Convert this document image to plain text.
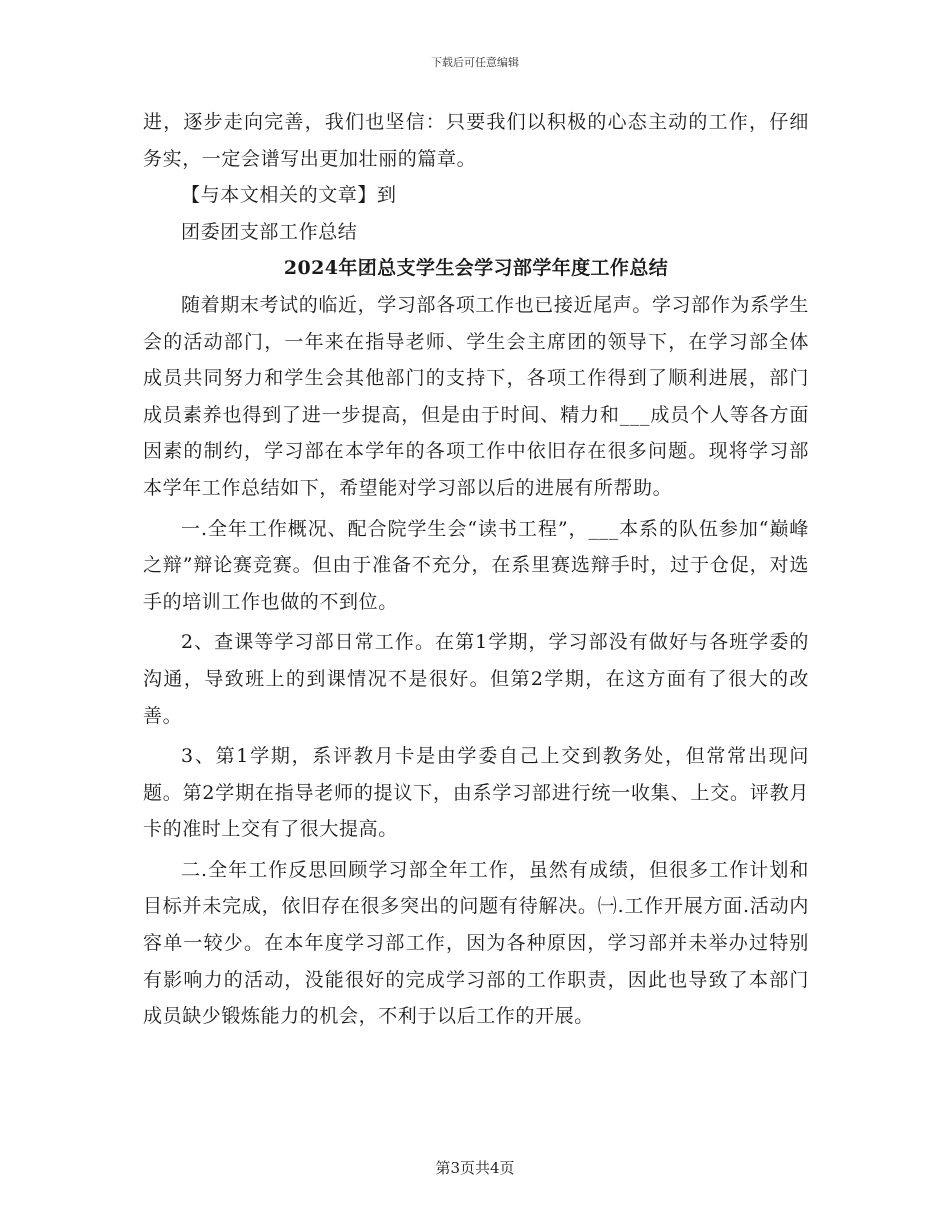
下载后可任意编辑

进，逐步走向完善，我们也坚信：只要我们以积极的心态主动的工作，仔细务实，一定会谱写出更加壮丽的篇章。

【与本文相关的文章】到

团委团支部工作总结

2024年团总支学生会学习部学年度工作总结

随着期末考试的临近，学习部各项工作也已接近尾声。学习部作为系学生会的活动部门，一年来在指导老师、学生会主席团的领导下，在学习部全体成员共同努力和学生会其他部门的支持下，各项工作得到了顺利进展，部门成员素养也得到了进一步提高，但是由于时间、精力和___成员个人等各方面因素的制约，学习部在本学年的各项工作中依旧存在很多问题。现将学习部本学年工作总结如下，希望能对学习部以后的进展有所帮助。

一.全年工作概况、配合院学生会“读书工程”，___本系的队伍参加“巅峰之辩”辩论赛竞赛。但由于准备不充分，在系里赛选辩手时，过于仓促，对选手的培训工作也做的不到位。

2、查课等学习部日常工作。在第1学期，学习部没有做好与各班学委的沟通，导致班上的到课情况不是很好。但第2学期，在这方面有了很大的改善。

3、第1学期，系评教月卡是由学委自己上交到教务处，但常常出现问题。第2学期在指导老师的提议下，由系学习部进行统一收集、上交。评教月卡的准时上交有了很大提高。

二.全年工作反思回顾学习部全年工作，虽然有成绩，但很多工作计划和目标并未完成，依旧存在很多突出的问题有待解决。㈠.工作开展方面.活动内容单一较少。在本年度学习部工作，因为各种原因，学习部并未举办过特别有影响力的活动，没能很好的完成学习部的工作职责，因此也导致了本部门成员缺少锻炼能力的机会，不利于以后工作的开展。

第3页共4页
